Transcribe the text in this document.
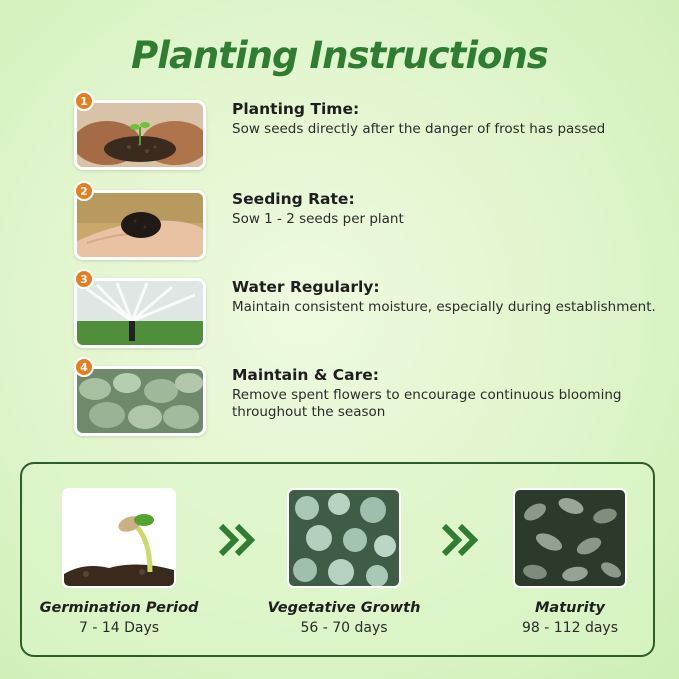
Planting Instructions
1	Planting Time:
Sow seeds directly after the danger of frost has passed
2	Seeding Rate:
Sow 1 - 2 seeds per plant
3	Water Regularly:
Maintain consistent moisture, especially during establishment.
4	Maintain & Care:
Remove spent flowers to encourage continuous blooming throughout the season
Germination Period
7 - 14 Days
Vegetative Growth
56 - 70 days
Maturity
98 - 112 days
